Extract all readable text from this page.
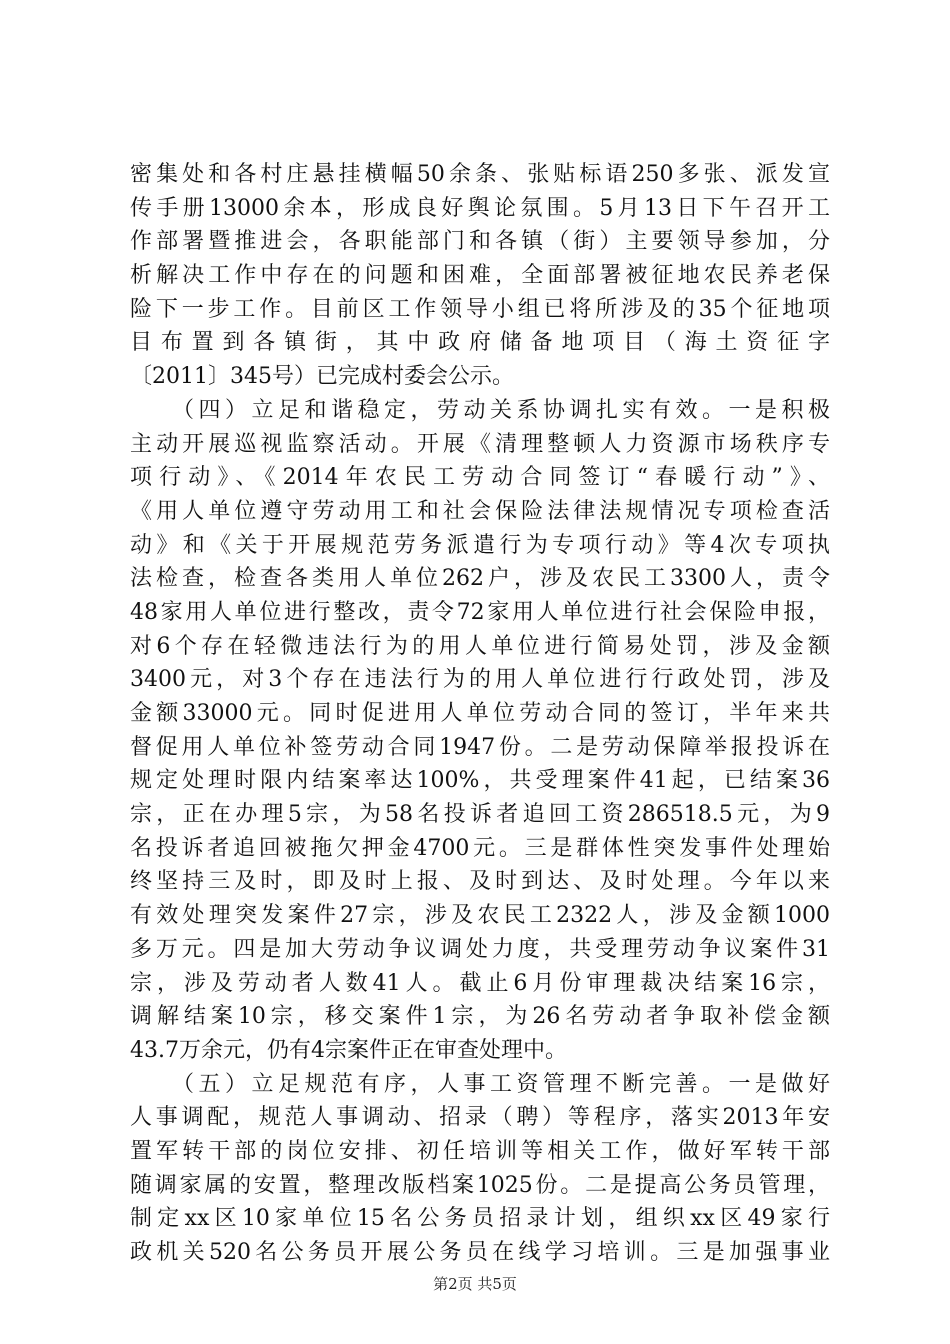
密集处和各村庄悬挂横幅50余条、张贴标语250多张、派发宣
传手册13000余本，形成良好舆论氛围。5月13日下午召开工
作部署暨推进会，各职能部门和各镇（街）主要领导参加，分
析解决工作中存在的问题和困难，全面部署被征地农民养老保
险下一步工作。目前区工作领导小组已将所涉及的35个征地项
目布置到各镇街，其中政府储备地项目（海土资征字
〔2011〕345号）已完成村委会公示。
　　（四）立足和谐稳定，劳动关系协调扎实有效。一是积极
主动开展巡视监察活动。开展《清理整顿人力资源市场秩序专
项行动》、《2014年农民工劳动合同签订“春暖行动”》、
《用人单位遵守劳动用工和社会保险法律法规情况专项检查活
动》和《关于开展规范劳务派遣行为专项行动》等4次专项执
法检查，检查各类用人单位262户，涉及农民工3300人，责令
48家用人单位进行整改，责令72家用人单位进行社会保险申报，
对6个存在轻微违法行为的用人单位进行简易处罚，涉及金额
3400元，对3个存在违法行为的用人单位进行行政处罚，涉及
金额33000元。同时促进用人单位劳动合同的签订，半年来共
督促用人单位补签劳动合同1947份。二是劳动保障举报投诉在
规定处理时限内结案率达100%，共受理案件41起，已结案36
宗，正在办理5宗，为58名投诉者追回工资286518.5元，为9
名投诉者追回被拖欠押金4700元。三是群体性突发事件处理始
终坚持三及时，即及时上报、及时到达、及时处理。今年以来
有效处理突发案件27宗，涉及农民工2322人，涉及金额1000
多万元。四是加大劳动争议调处力度，共受理劳动争议案件31
宗，涉及劳动者人数41人。截止6月份审理裁决结案16宗，
调解结案10宗，移交案件1宗，为26名劳动者争取补偿金额
43.7万余元，仍有4宗案件正在审查处理中。
　　（五）立足规范有序，人事工资管理不断完善。一是做好
人事调配，规范人事调动、招录（聘）等程序，落实2013年安
置军转干部的岗位安排、初任培训等相关工作，做好军转干部
随调家属的安置，整理改版档案1025份。二是提高公务员管理，
制定xx区10家单位15名公务员招录计划，组织xx区49家行
政机关520名公务员开展公务员在线学习培训。三是加强事业
第2页 共5页
